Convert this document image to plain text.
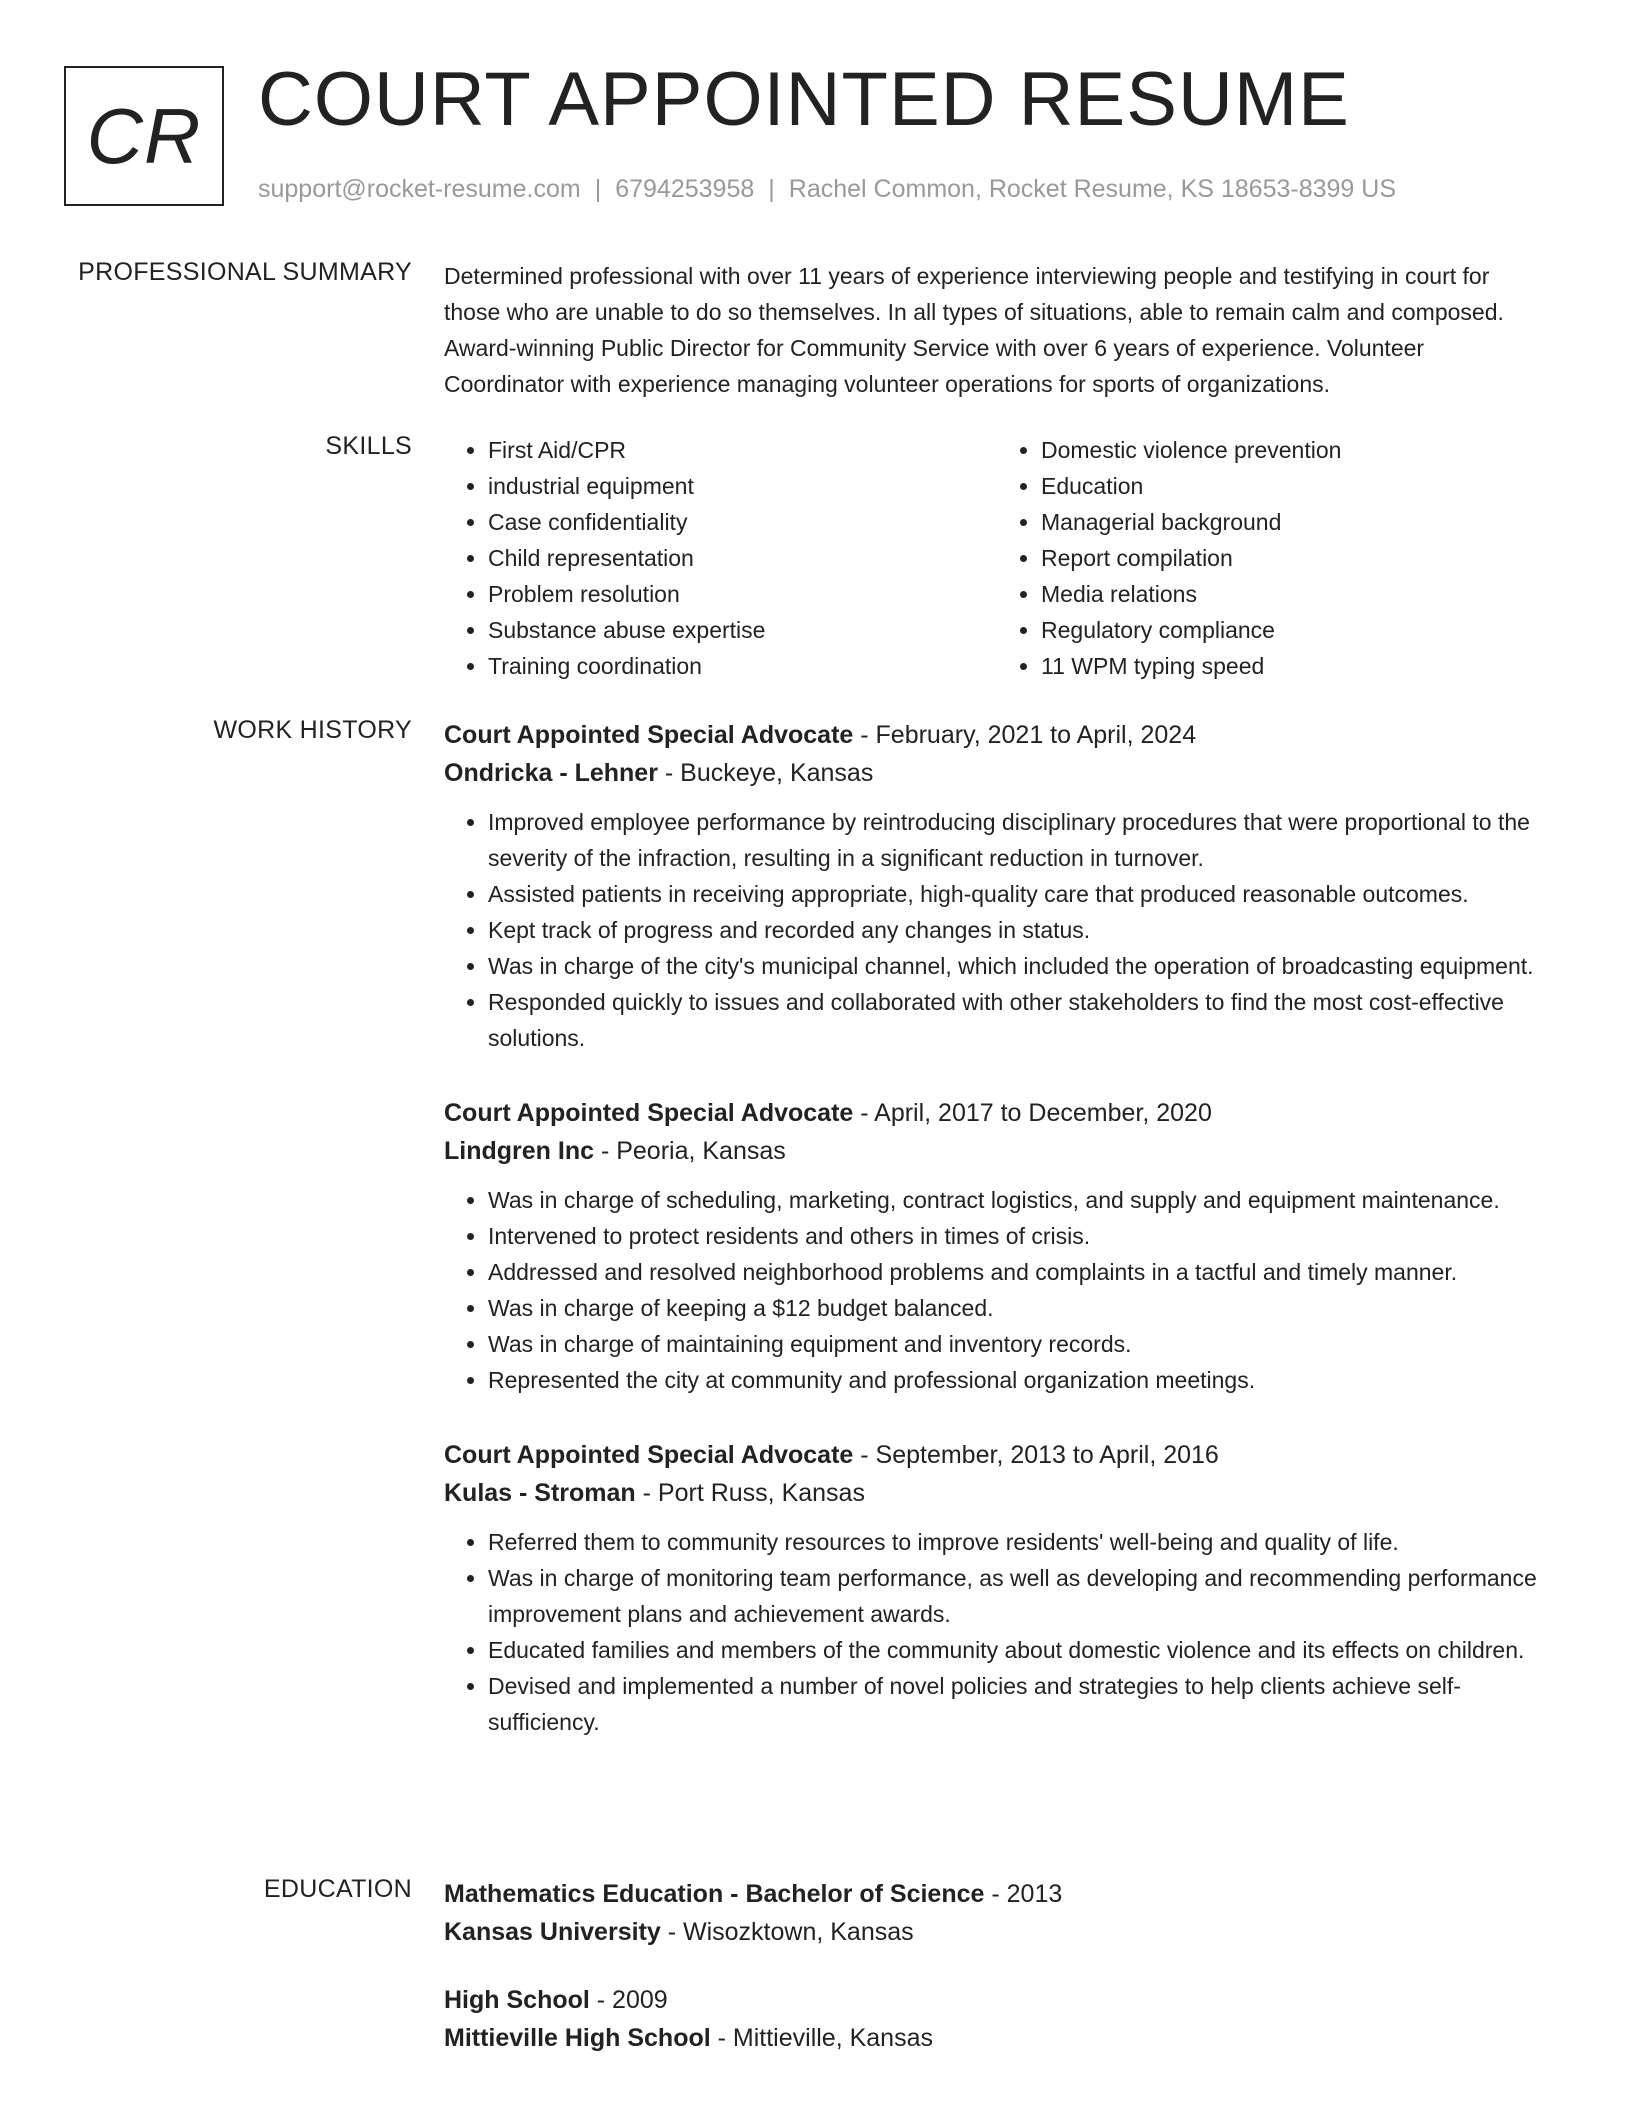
CR COURT APPOINTED RESUME
support@rocket-resume.com | 6794253958 | Rachel Common, Rocket Resume, KS 18653-8399 US
PROFESSIONAL SUMMARY Determined professional with over 11 years of experience interviewing people and testifying in court for those who are unable to do so themselves. In all types of situations, able to remain calm and composed. Award-winning Public Director for Community Service with over 6 years of experience. Volunteer Coordinator with experience managing volunteer operations for sports of organizations.

SKILLS
•	First Aid/CPR
• industrial equipment
• Case confidentiality
• Child representation
• Problem resolution
• Substance abuse expertise
• Training coordination
• Domestic violence prevention
• Education
• Managerial background
• Report compilation
• Media relations
• Regulatory compliance
• 11 WPM typing speed
WORK HISTORY Court Appointed Special Advocate - February, 2021 to April, 2024
Ondricka - Lehner - Buckeye, Kansas
• Improved employee performance by reintroducing disciplinary procedures that were proportional to the severity of the infraction, resulting in a significant reduction in turnover.
• Assisted patients in receiving appropriate, high-quality care that produced reasonable outcomes.
• Kept track of progress and recorded any changes in status.
• Was in charge of the city's municipal channel, which included the operation of broadcasting equipment.
• Responded quickly to issues and collaborated with other stakeholders to find the most cost-effective solutions.
Court Appointed Special Advocate - April, 2017 to December, 2020
Lindgren Inc - Peoria, Kansas
• Was in charge of scheduling, marketing, contract logistics, and supply and equipment maintenance.
• Intervened to protect residents and others in times of crisis.
• Addressed and resolved neighborhood problems and complaints in a tactful and timely manner.
• Was in charge of keeping a $12 budget balanced.
• Was in charge of maintaining equipment and inventory records.
• Represented the city at community and professional organization meetings.
Court Appointed Special Advocate - September, 2013 to April, 2016
Kulas - Stroman - Port Russ, Kansas
• Referred them to community resources to improve residents' well-being and quality of life.
• Was in charge of monitoring team performance, as well as developing and recommending performance improvement plans and achievement awards.
• Educated families and members of the community about domestic violence and its effects on children.
• Devised and implemented a number of novel policies and strategies to help clients achieve self-sufficiency.
EDUCATION Mathematics Education - Bachelor of Science - 2013
Kansas University - Wisozktown, Kansas
High School - 2009
Mittieville High School - Mittieville, Kansas
